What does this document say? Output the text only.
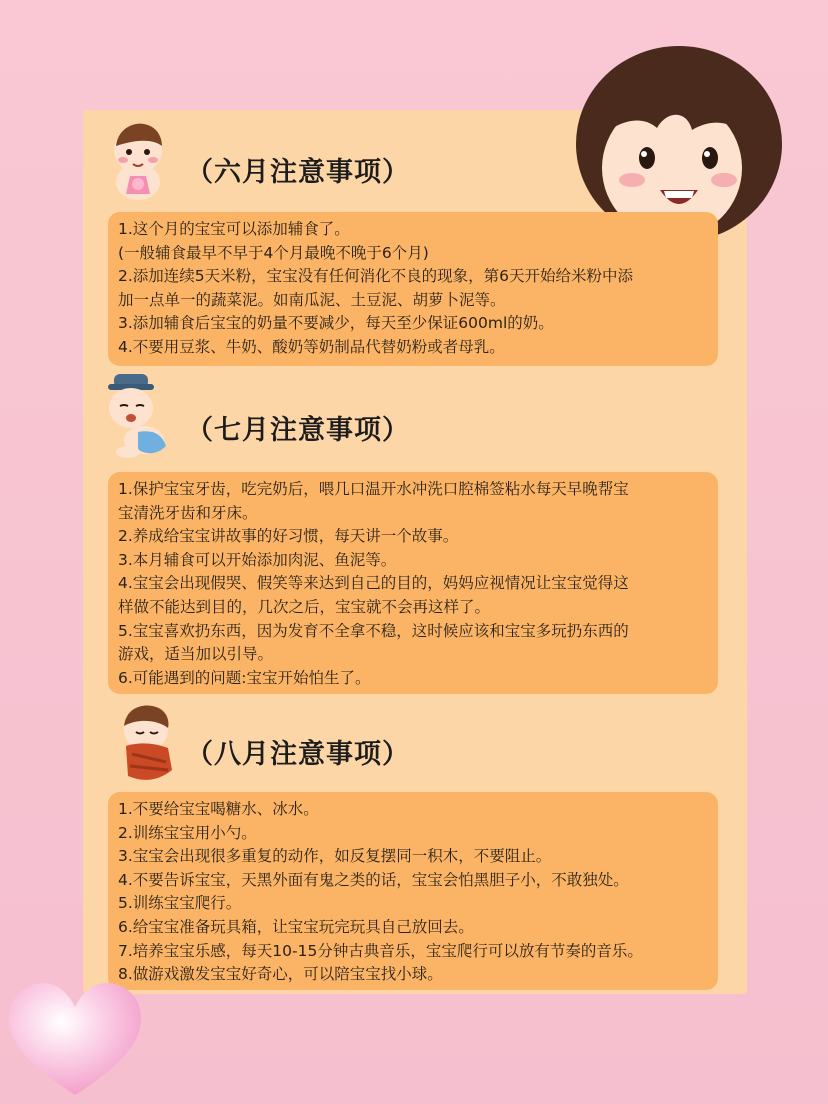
（六月注意事项）
1.这个月的宝宝可以添加辅食了。
(一般辅食最早不早于4个月最晚不晚于6个月)
2.添加连续5天米粉，宝宝没有任何消化不良的现象，第6天开始给米粉中添
加一点单一的蔬菜泥。如南瓜泥、土豆泥、胡萝卜泥等。
3.添加辅食后宝宝的奶量不要减少，每天至少保证600ml的奶。
4.不要用豆浆、牛奶、酸奶等奶制品代替奶粉或者母乳。
（七月注意事项）
1.保护宝宝牙齿，吃完奶后，喂几口温开水冲洗口腔棉签粘水每天早晚帮宝
宝清洗牙齿和牙床。
2.养成给宝宝讲故事的好习惯，每天讲一个故事。
3.本月辅食可以开始添加肉泥、鱼泥等。
4.宝宝会出现假哭、假笑等来达到自己的目的，妈妈应视情况让宝宝觉得这
样做不能达到目的，几次之后，宝宝就不会再这样了。
5.宝宝喜欢扔东西，因为发育不全拿不稳，这时候应该和宝宝多玩扔东西的
游戏，适当加以引导。
6.可能遇到的问题:宝宝开始怕生了。
（八月注意事项）
1.不要给宝宝喝糖水、冰水。
2.训练宝宝用小勺。
3.宝宝会出现很多重复的动作，如反复摆同一积木，不要阻止。
4.不要告诉宝宝，天黑外面有鬼之类的话，宝宝会怕黑胆子小，不敢独处。
5.训练宝宝爬行。
6.给宝宝准备玩具箱，让宝宝玩完玩具自己放回去。
7.培养宝宝乐感，每天10-15分钟古典音乐，宝宝爬行可以放有节奏的音乐。
8.做游戏激发宝宝好奇心，可以陪宝宝找小球。
